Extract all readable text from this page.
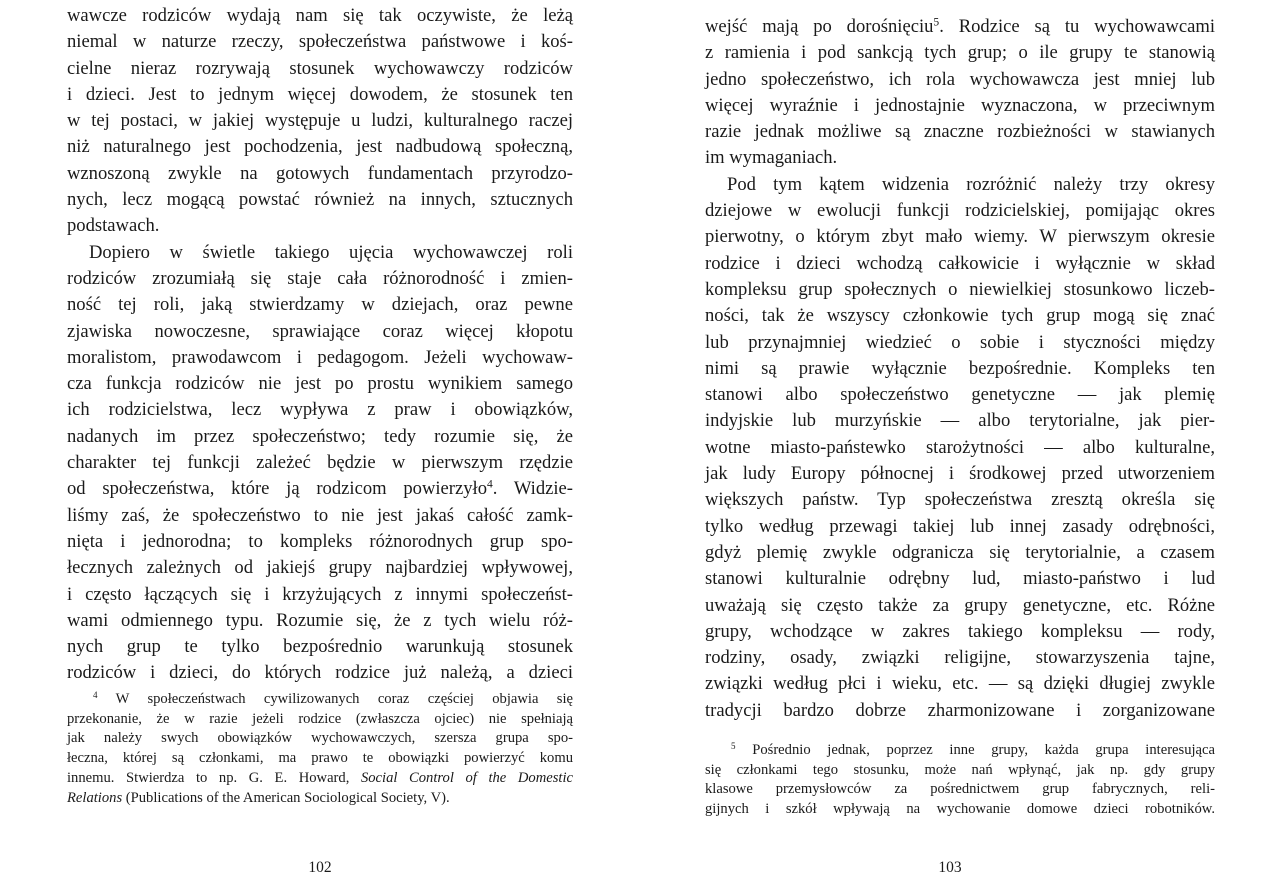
wawcze rodziców wydają nam się tak oczywiste, że leżą
niemal w naturze rzeczy, społeczeństwa państwowe i koś-
cielne nieraz rozrywają stosunek wychowawczy rodziców
i dzieci. Jest to jednym więcej dowodem, że stosunek ten
w tej postaci, w jakiej występuje u ludzi, kulturalnego raczej
niż naturalnego jest pochodzenia, jest nadbudową społeczną,
wznoszoną zwykle na gotowych fundamentach przyrodzo-
nych, lecz mogącą powstać również na innych, sztucznych
podstawach.
Dopiero w świetle takiego ujęcia wychowawczej roli
rodziców zrozumiałą się staje cała różnorodność i zmien-
ność tej roli, jaką stwierdzamy w dziejach, oraz pewne
zjawiska nowoczesne, sprawiające coraz więcej kłopotu
moralistom, prawodawcom i pedagogom. Jeżeli wychowaw-
cza funkcja rodziców nie jest po prostu wynikiem samego
ich rodzicielstwa, lecz wypływa z praw i obowiązków,
nadanych im przez społeczeństwo; tedy rozumie się, że
charakter tej funkcji zależeć będzie w pierwszym rzędzie
od społeczeństwa, które ją rodzicom powierzyło$^4$. Widzie-
liśmy zaś, że społeczeństwo to nie jest jakaś całość zamk-
nięta i jednorodna; to kompleks różnorodnych grup spo-
łecznych zależnych od jakiejś grupy najbardziej wpływowej,
i często łączących się i krzyżujących z innymi społeczeńst-
wami odmiennego typu. Rozumie się, że z tych wielu róż-
nych grup te tylko bezpośrednio warunkują stosunek
rodziców i dzieci, do których rodzice już należą, a dzieci
$^4$ W społeczeństwach cywilizowanych coraz częściej objawia się
przekonanie, że w razie jeżeli rodzice (zwłaszcza ojciec) nie spełniają
jak należy swych obowiązków wychowawczych, szersza grupa spo-
łeczna, której są członkami, ma prawo te obowiązki powierzyć komu
innemu. Stwierdza to np. G. E. Howard, Social Control of the Domestic
Relations (Publications of the American Sociological Society, V).
102
wejść mają po dorośnięciu$^5$. Rodzice są tu wychowawcami
z ramienia i pod sankcją tych grup; o ile grupy te stanowią
jedno społeczeństwo, ich rola wychowawcza jest mniej lub
więcej wyraźnie i jednostajnie wyznaczona, w przeciwnym
razie jednak możliwe są znaczne rozbieżności w stawianych
im wymaganiach.
Pod tym kątem widzenia rozróżnić należy trzy okresy
dziejowe w ewolucji funkcji rodzicielskiej, pomijając okres
pierwotny, o którym zbyt mało wiemy. W pierwszym okresie
rodzice i dzieci wchodzą całkowicie i wyłącznie w skład
kompleksu grup społecznych o niewielkiej stosunkowo liczeb-
ności, tak że wszyscy członkowie tych grup mogą się znać
lub przynajmniej wiedzieć o sobie i styczności między
nimi są prawie wyłącznie bezpośrednie. Kompleks ten
stanowi albo społeczeństwo genetyczne — jak plemię
indyjskie lub murzyńskie — albo terytorialne, jak pier-
wotne miasto-państewko starożytności — albo kulturalne,
jak ludy Europy północnej i środkowej przed utworzeniem
większych państw. Typ społeczeństwa zresztą określa się
tylko według przewagi takiej lub innej zasady odrębności,
gdyż plemię zwykle odgranicza się terytorialnie, a czasem
stanowi kulturalnie odrębny lud, miasto-państwo i lud
uważają się często także za grupy genetyczne, etc. Różne
grupy, wchodzące w zakres takiego kompleksu — rody,
rodziny, osady, związki religijne, stowarzyszenia tajne,
związki według płci i wieku, etc. — są dzięki długiej zwykle
tradycji bardzo dobrze zharmonizowane i zorganizowane
$^5$ Pośrednio jednak, poprzez inne grupy, każda grupa interesująca
się członkami tego stosunku, może nań wpłynąć, jak np. gdy grupy
klasowe przemysłowców za pośrednictwem grup fabrycznych, reli-
gijnych i szkół wpływają na wychowanie domowe dzieci robotników.
103
